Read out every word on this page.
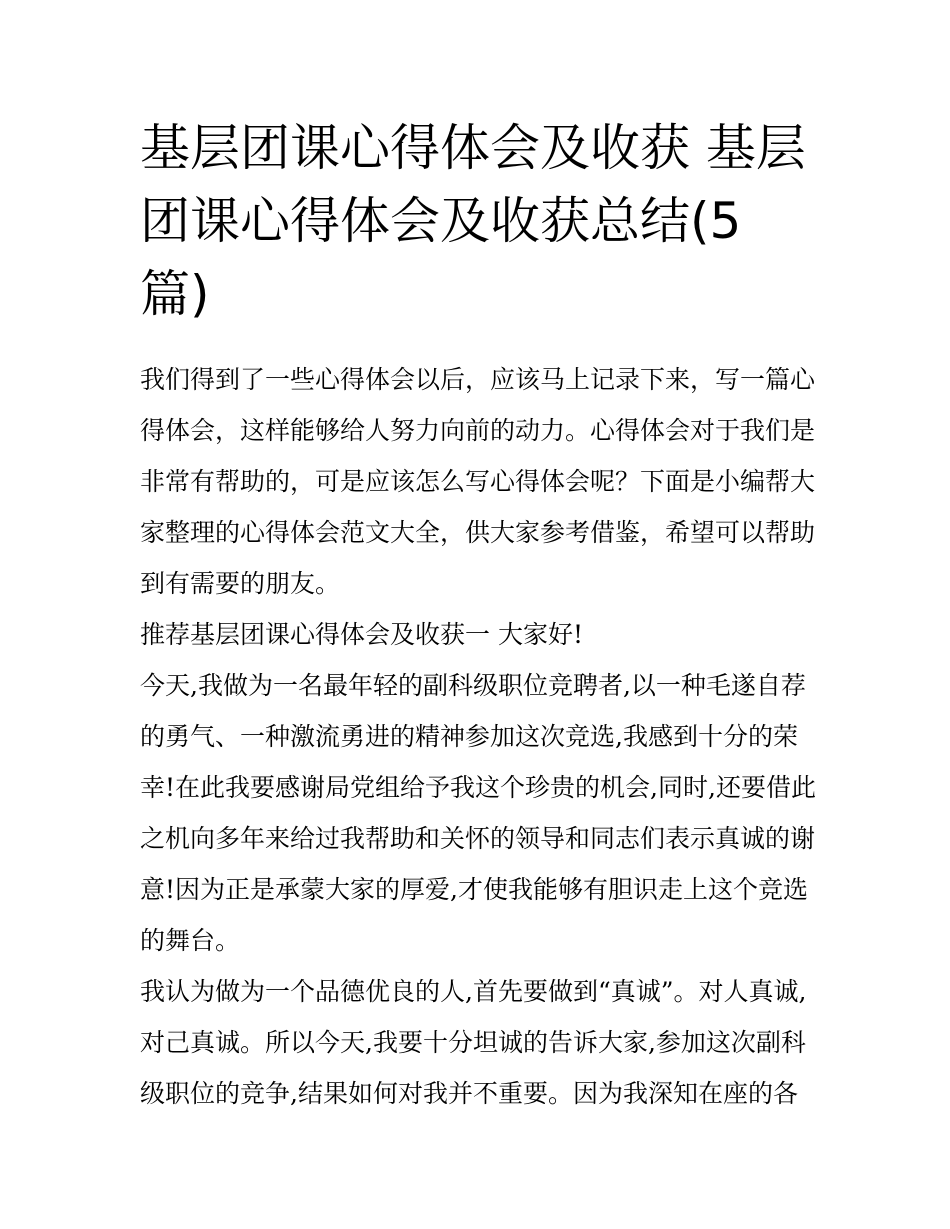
基层团课心得体会及收获 基层
团课心得体会及收获总结(5
篇)

我们得到了一些心得体会以后，应该马上记录下来，写一篇心
得体会，这样能够给人努力向前的动力。心得体会对于我们是
非常有帮助的，可是应该怎么写心得体会呢？下面是小编帮大
家整理的心得体会范文大全，供大家参考借鉴，希望可以帮助
到有需要的朋友。

推荐基层团课心得体会及收获一 大家好!

今天,我做为一名最年轻的副科级职位竞聘者,以一种毛遂自荐
的勇气、一种激流勇进的精神参加这次竞选,我感到十分的荣
幸!在此我要感谢局党组给予我这个珍贵的机会,同时,还要借此
之机向多年来给过我帮助和关怀的领导和同志们表示真诚的谢
意!因为正是承蒙大家的厚爱,才使我能够有胆识走上这个竞选
的舞台。

我认为做为一个品德优良的人,首先要做到“真诚”。对人真诚,
对己真诚。所以今天,我要十分坦诚的告诉大家,参加这次副科
级职位的竞争,结果如何对我并不重要。因为我深知在座的各
